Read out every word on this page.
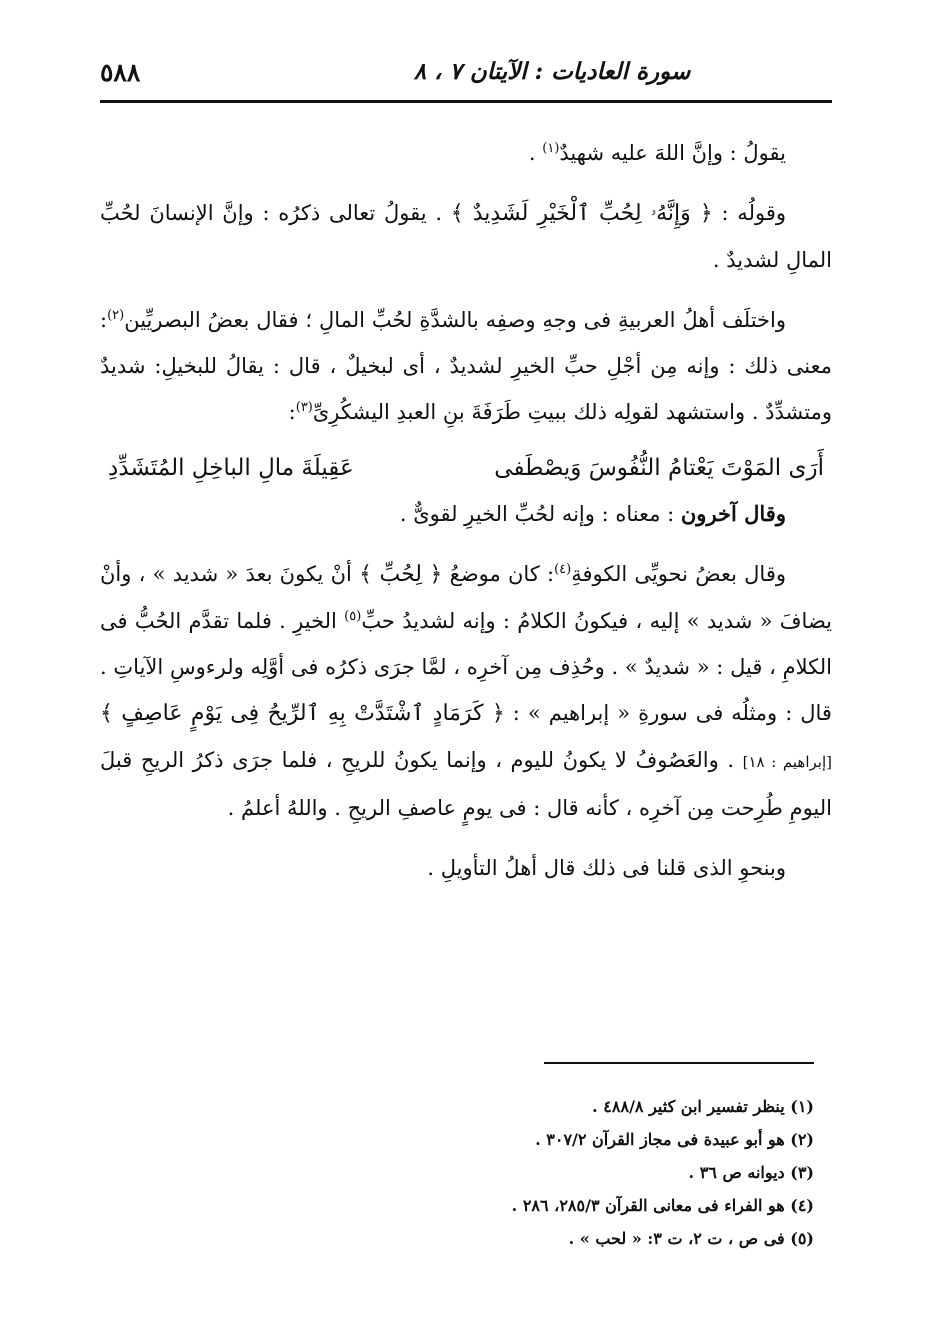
٥٨٨	سورة العاديات : الآيتان ٧ ، ٨

يقولُ : وإنَّ اللهَ عليه شهيدٌ$^{(١)}$ .

وقولُه : ﴿ وَإِنَّهُۥ لِحُبِّ ٱلْخَيْرِ لَشَدِيدٌ ﴾ . يقولُ تعالى ذكرُه : وإنَّ الإنسانَ لحُبِّ المالِ لشديدٌ .

واختلَف أهلُ العربيةِ فى وجهِ وصفِه بالشدَّةِ لحُبِّ المالِ ؛ فقال بعضُ البصريِّين$^{(٢)}$: معنى ذلك : وإنه مِن أجْلِ حبِّ الخيرِ لشديدٌ ، أى لبخيلٌ ، قال : يقالُ للبخيلِ: شديدٌ ومتشدِّدٌ . واستشهد لقولِه ذلك ببيتِ طَرَفَةَ بنِ العبدِ اليشكُرِىِّ$^{(٣)}$:

أَرَى المَوْتَ يَعْتامُ النُّفُوسَ وَيصْطَفى
عَقِيلَةَ مالِ الباخِلِ المُتَشَدِّدِ

وقال آخرون : معناه : وإنه لحُبِّ الخيرِ لقوىٌّ .

وقال بعضُ نحويِّى الكوفةِ$^{(٤)}$: كان موضعُ ﴿ لِحُبِّ ﴾ أنْ يكونَ بعدَ « شديد » ، وأنْ يضافَ « شديد » إليه ، فيكونُ الكلامُ : وإنه لشديدُ حبِّ$^{(٥)}$ الخيرِ . فلما تقدَّم الحُبُّ فى الكلامِ ، قيل : « شديدٌ » . وحُذِف مِن آخرِه ، لمَّا جرَى ذكرُه فى أوَّلِه ولرءوسِ الآياتِ . قال : ومثلُه فى سورةِ « إبراهيم » : ﴿ كَرَمَادٍ ٱشْتَدَّتْ بِهِ ٱلرِّيحُ فِى يَوْمٍ عَاصِفٍ ﴾ [إبراهيم : ١٨] . والعَصُوفُ لا يكونُ لليوم ، وإنما يكونُ للريحِ ، فلما جرَى ذكرُ الريحِ قبلَ اليومِ طُرِحت مِن آخرِه ، كأنه قال : فى يومٍ عاصفِ الريحِ . واللهُ أعلمُ .

وبنحوِ الذى قلنا فى ذلك قال أهلُ التأويلِ .

(١) ينظر تفسير ابن كثير ٤٨٨/٨ .

(٢) هو أبو عبيدة فى مجاز القرآن ٣٠٧/٢ .

(٣) ديوانه ص ٣٦ .

(٤) هو الفراء فى معانى القرآن ٢٨٥/٣، ٢٨٦ .

(٥) فى ص ، ت ٢، ت ٣: « لحب » .
